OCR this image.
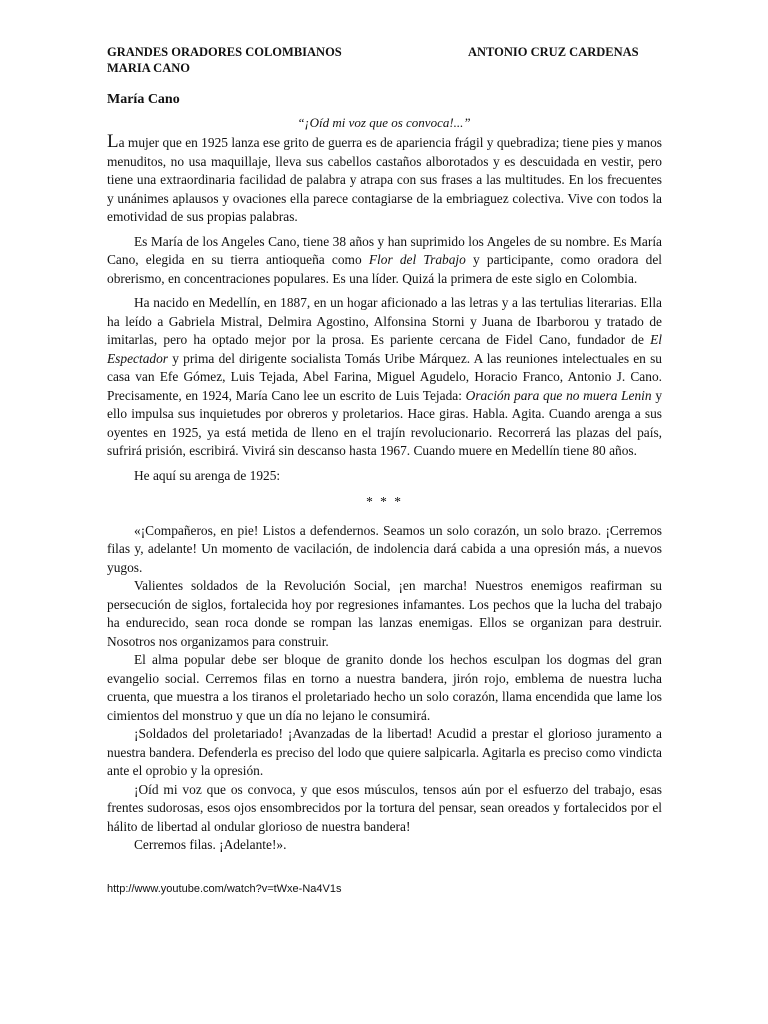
GRANDES ORADORES COLOMBIANOS
MARIA CANO
ANTONIO CRUZ CARDENAS
María Cano
“¡Oíd mi voz que os convoca!...”

La mujer que en 1925 lanza ese grito de guerra es de apariencia frágil y quebradiza; tiene pies y manos menuditos, no usa maquillaje, lleva sus cabellos castaños alborotados y es descuidada en vestir, pero tiene una extraordinaria facilidad de palabra y atrapa con sus frases a las multitudes. En los frecuentes y unánimes aplausos y ovaciones ella parece contagiarse de la embriaguez colectiva. Vive con todos la emotividad de sus propias palabras.

Es María de los Angeles Cano, tiene 38 años y han suprimido los Angeles de su nombre. Es María Cano, elegida en su tierra antioqueña como Flor del Trabajo y participante, como oradora del obrerismo, en concentraciones populares. Es una líder. Quizá la primera de este siglo en Colombia.

Ha nacido en Medellín, en 1887, en un hogar aficionado a las letras y a las tertulias literarias. Ella ha leído a Gabriela Mistral, Delmira Agostino, Alfonsina Storni y Juana de Ibarborou y tratado de imitarlas, pero ha optado mejor por la prosa. Es pariente cercana de Fidel Cano, fundador de El Espectador y prima del dirigente socialista Tomás Uribe Márquez. A las reuniones intelectuales en su casa van Efe Gómez, Luis Tejada, Abel Farina, Miguel Agudelo, Horacio Franco, Antonio J. Cano. Precisamente, en 1924, María Cano lee un escrito de Luis Tejada: Oración para que no muera Lenin y ello impulsa sus inquietudes por obreros y proletarios. Hace giras. Habla. Agita. Cuando arenga a sus oyentes en 1925, ya está metida de lleno en el trajín revolucionario. Recorrerá las plazas del país, sufrirá prisión, escribirá. Vivirá sin descanso hasta 1967. Cuando muere en Medellín tiene 80 años.

He aquí su arenga de 1925:

* * *

«¡Compañeros, en pie! Listos a defendernos. Seamos un solo corazón, un solo brazo. ¡Cerremos filas y, adelante! Un momento de vacilación, de indolencia dará cabida a una opresión más, a nuevos yugos.

Valientes soldados de la Revolución Social, ¡en marcha! Nuestros enemigos reafirman su persecución de siglos, fortalecida hoy por regresiones infamantes. Los pechos que la lucha del trabajo ha endurecido, sean roca donde se rompan las lanzas enemigas. Ellos se organizan para destruir. Nosotros nos organizamos para construir.

El alma popular debe ser bloque de granito donde los hechos esculpan los dogmas del gran evangelio social. Cerremos filas en torno a nuestra bandera, jirón rojo, emblema de nuestra lucha cruenta, que muestra a los tiranos el proletariado hecho un solo corazón, llama encendida que lame los cimientos del monstruo y que un día no lejano le consumirá.

¡Soldados del proletariado! ¡Avanzadas de la libertad! Acudid a prestar el glorioso juramento a nuestra bandera. Defenderla es preciso del lodo que quiere salpicarla. Agitarla es preciso como vindicta ante el oprobio y la opresión.

¡Oíd mi voz que os convoca, y que esos músculos, tensos aún por el esfuerzo del trabajo, esas frentes sudorosas, esos ojos ensombrecidos por la tortura del pensar, sean oreados y fortalecidos por el hálito de libertad al ondular glorioso de nuestra bandera!

Cerremos filas. ¡Adelante!».

http://www.youtube.com/watch?v=tWxe-Na4V1s
